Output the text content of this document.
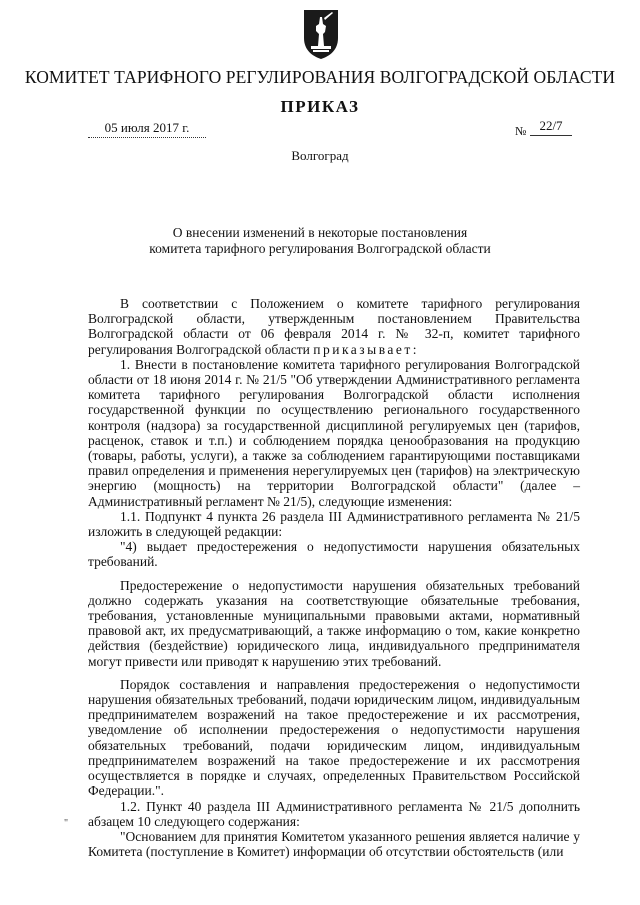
КОМИТЕТ ТАРИФНОГО РЕГУЛИРОВАНИЯ ВОЛГОГРАДСКОЙ ОБЛАСТИ
ПРИКАЗ
05 июля 2017 г.	№ 22/7
Волгоград
О внесении изменений в некоторые постановления
комитета тарифного регулирования Волгоградской области

В соответствии с Положением о комитете тарифного регулирования Волгоградской области, утвержденным постановлением Правительства Волгоградской области от 06 февраля 2014 г. № 32-п, комитет тарифного регулирования Волгоградской области приказывает:

1. Внести в постановление комитета тарифного регулирования Волгоградской области от 18 июня 2014 г. № 21/5 "Об утверждении Административного регламента комитета тарифного регулирования Волгоградской области исполнения государственной функции по осуществлению регионального государственного контроля (надзора) за государственной дисциплиной регулируемых цен (тарифов, расценок, ставок и т.п.) и соблюдением порядка ценообразования на продукцию (товары, работы, услуги), а также за соблюдением гарантирующими поставщиками правил определения и применения нерегулируемых цен (тарифов) на электрическую энергию (мощность) на территории Волгоградской области" (далее – Административный регламент № 21/5), следующие изменения:

1.1. Подпункт 4 пункта 26 раздела III Административного регламента № 21/5 изложить в следующей редакции:

"4) выдает предостережения о недопустимости нарушения обязательных требований.

Предостережение о недопустимости нарушения обязательных требований должно содержать указания на соответствующие обязательные требования, требования, установленные муниципальными правовыми актами, нормативный правовой акт, их предусматривающий, а также информацию о том, какие конкретно действия (бездействие) юридического лица, индивидуального предпринимателя могут привести или приводят к нарушению этих требований.

Порядок составления и направления предостережения о недопустимости нарушения обязательных требований, подачи юридическим лицом, индивидуальным предпринимателем возражений на такое предостережение и их рассмотрения, уведомление об исполнении предостережения о недопустимости нарушения обязательных требований, подачи юридическим лицом, индивидуальным предпринимателем возражений на такое предостережение и их рассмотрения осуществляется в порядке и случаях, определенных Правительством Российской Федерации.".

1.2. Пункт 40 раздела III Административного регламента № 21/5 дополнить абзацем 10 следующего содержания:

"Основанием для принятия Комитетом указанного решения является наличие у Комитета (поступление в Комитет) информации об отсутствии обстоятельств (или

"
